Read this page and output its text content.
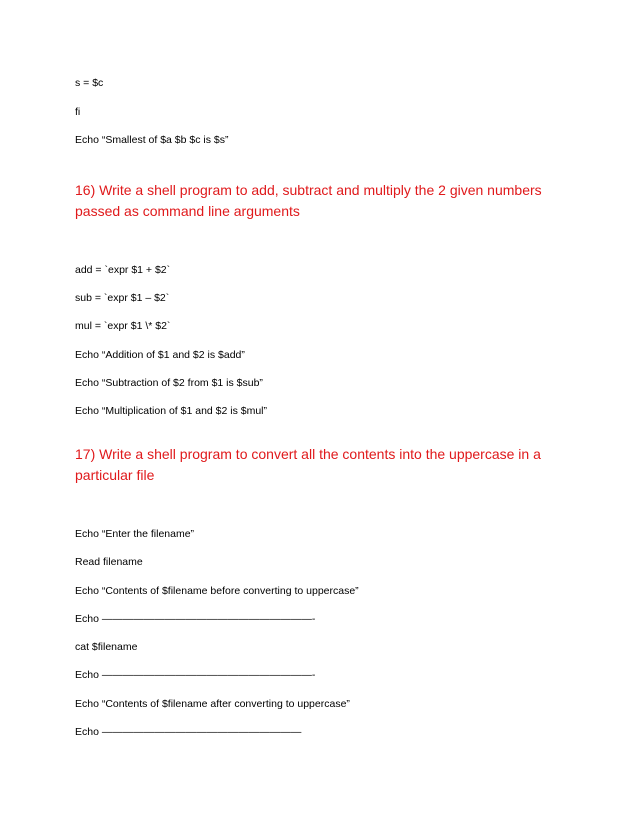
s = $c
fi
Echo “Smallest of $a $b $c is $s”
16) Write a shell program to add, subtract and multiply the 2 given numbers passed as command line arguments
add = `expr $1 + $2`
sub = `expr $1 – $2`
mul = `expr $1 \* $2`
Echo “Addition of $1 and $2 is $add”
Echo “Subtraction of $2 from $1 is $sub”
Echo “Multiplication of $1 and $2 is $mul”
17) Write a shell program to convert all the contents into the uppercase in a particular file
Echo “Enter the filename”
Read filename
Echo “Contents of $filename before converting to uppercase”
Echo ————————————————————-
cat $filename
Echo ————————————————————-
Echo “Contents of $filename after converting to uppercase”
Echo ———————————————————
